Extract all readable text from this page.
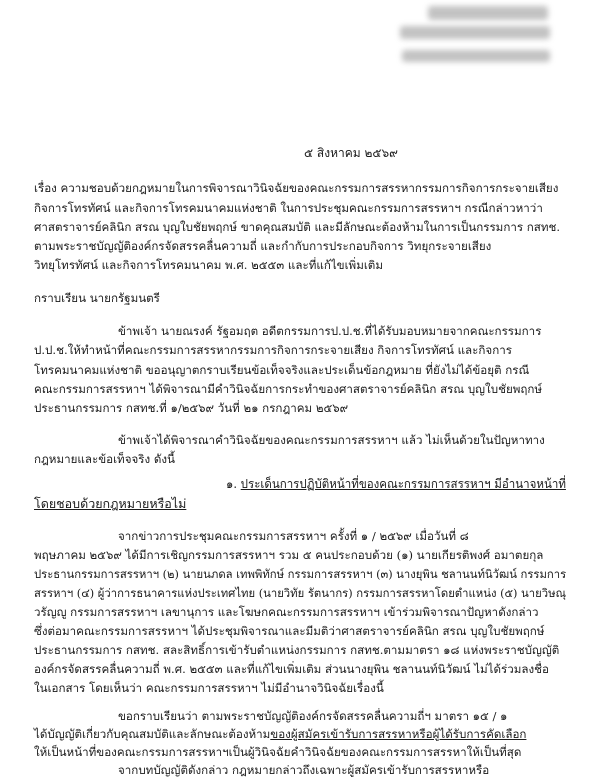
๕ สิงหาคม ๒๕๖๙
เรื่อง ความชอบด้วยกฎหมายในการพิจารณาวินิจฉัยของคณะกรรมการสรรหากรรมการกิจการกระจายเสียง
กิจการโทรทัศน์ และกิจการโทรคมนาคมแห่งชาติ ในการประชุมคณะกรรมการสรรหาฯ กรณีกล่าวหาว่า
ศาสตราจารย์คลินิก สรณ บุญใบชัยพฤกษ์ ขาดคุณสมบัติ และมีลักษณะต้องห้ามในการเป็นกรรมการ กสทช.
ตามพระราชบัญญัติองค์กรจัดสรรคลื่นความถี่ และกำกับการประกอบกิจการ วิทยุกระจายเสียง
วิทยุโทรทัศน์ และกิจการโทรคมนาคม พ.ศ. ๒๕๕๓ และที่แก้ไขเพิ่มเติม
กราบเรียน นายกรัฐมนตรี
ข้าพเจ้า นายณรงค์ รัฐอมฤต อดีตกรรมการป.ป.ช.ที่ได้รับมอบหมายจากคณะกรรมการ
ป.ป.ช.ให้ทำหน้าที่คณะกรรมการสรรหากรรมการกิจการกระจายเสียง กิจการโทรทัศน์ และกิจการ
โทรคมนาคมแห่งชาติ ขออนุญาตกราบเรียนข้อเท็จจริงและประเด็นข้อกฎหมาย ที่ยังไม่ได้ข้อยุติ กรณี
คณะกรรมการสรรหาฯ ได้พิจารณามีคำวินิจฉัยการกระทำของศาสตราจารย์คลินิก สรณ บุญใบชัยพฤกษ์
ประธานกรรมการ กสทช.ที่ ๑/๒๕๖๙ วันที่ ๒๑ กรกฎาคม ๒๕๖๙
ข้าพเจ้าได้พิจารณาคำวินิจฉัยของคณะกรรมการสรรหาฯ แล้ว ไม่เห็นด้วยในปัญหาทาง
กฎหมายและข้อเท็จจริง ดังนี้
๑. ประเด็นการปฏิบัติหน้าที่ของคณะกรรมการสรรหาฯ มีอำนาจหน้าที่
โดยชอบด้วยกฎหมายหรือไม่
จากข่าวการประชุมคณะกรรมการสรรหาฯ ครั้งที่ ๑ / ๒๕๖๙ เมื่อวันที่ ๘
พฤษภาคม ๒๕๖๙ ได้มีการเชิญกรรมการสรรหาฯ รวม ๕ คนประกอบด้วย (๑) นายเกียรติพงศ์ อมาตยกุล
ประธานกรรมการสรรหาฯ (๒) นายนภดล เทพพิทักษ์ กรรมการสรรหาฯ (๓) นางยุพิน ชลานนท์นิวัฒน์ กรรมการ
สรรหาฯ (๔) ผู้ว่าการธนาคารแห่งประเทศไทย (นายวิทัย รัตนากร) กรรมการสรรหาโดยตำแหน่ง (๕) นายวิษณุ
วรัญญู กรรมการสรรหาฯ เลขานุการ และโฆษกคณะกรรมการสรรหาฯ เข้าร่วมพิจารณาปัญหาดังกล่าว
ซึ่งต่อมาคณะกรรมการสรรหาฯ ได้ประชุมพิจารณาและมีมติว่าศาสตราจารย์คลินิก สรณ บุญใบชัยพฤกษ์
ประธานกรรมการ กสทช. สละสิทธิ์การเข้ารับตำแหน่งกรรมการ กสทช.ตามมาตรา ๑๘ แห่งพระราชบัญญัติ
องค์กรจัดสรรคลื่นความถี่ พ.ศ. ๒๕๕๓ และที่แก้ไขเพิ่มเติม ส่วนนางยุพิน ชลานนท์นิวัฒน์ ไม่ได้ร่วมลงชื่อ
ในเอกสาร โดยเห็นว่า คณะกรรมการสรรหาฯ ไม่มีอำนาจวินิจฉัยเรื่องนี้
ขอกราบเรียนว่า ตามพระราชบัญญัติองค์กรจัดสรรคลื่นความถี่ฯ มาตรา ๑๕ / ๑
ได้บัญญัติเกี่ยวกับคุณสมบัติและลักษณะต้องห้ามของผู้สมัครเข้ารับการสรรหาหรือผู้ได้รับการคัดเลือก
ให้เป็นหน้าที่ของคณะกรรมการสรรหาฯเป็นผู้วินิจฉัยคำวินิจฉัยของคณะกรรมการสรรหาให้เป็นที่สุด
จากบทบัญญัติดังกล่าว กฎหมายกล่าวถึงเฉพาะผู้สมัครเข้ารับการสรรหาหรือ
